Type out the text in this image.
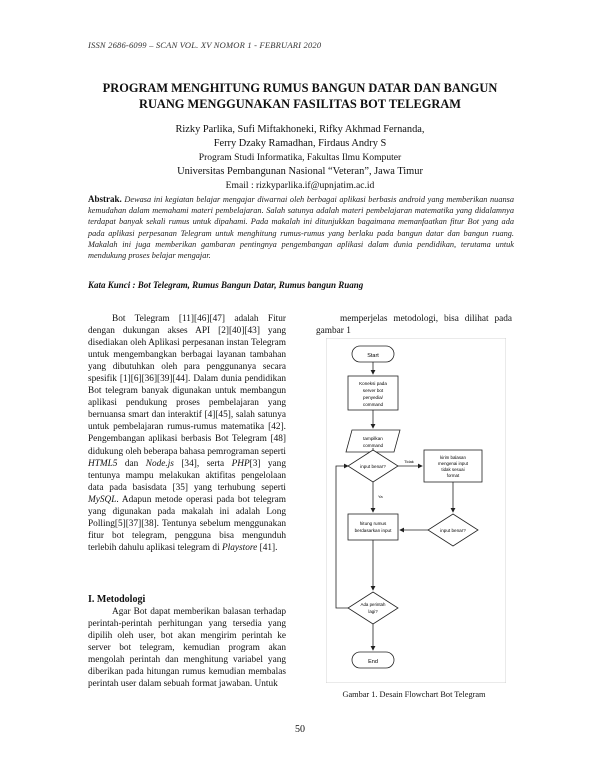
ISSN 2686-6099 – SCAN VOL. XV NOMOR 1 - FEBRUARI 2020
PROGRAM MENGHITUNG RUMUS BANGUN DATAR DAN BANGUN
RUANG MENGGUNAKAN FASILITAS BOT TELEGRAM
Rizky Parlika, Sufi Miftakhoneki, Rifky Akhmad Fernanda,
Ferry Dzaky Ramadhan, Firdaus Andry S
Program Studi Informatika, Fakultas Ilmu Komputer
Universitas Pembangunan Nasional “Veteran”, Jawa Timur
Email : rizkyparlika.if@upnjatim.ac.id
Abstrak. Dewasa ini kegiatan belajar mengajar diwarnai oleh berbagai aplikasi berbasis android yang memberikan nuansa kemudahan dalam memahami materi pembelajaran. Salah satunya adalah materi pembelajaran matematika yang didalamnya terdapat banyak sekali rumus untuk dipahami. Pada makalah ini ditunjukkan bagaimana memanfaatkan fitur Bot yang ada pada aplikasi perpesanan Telegram untuk menghitung rumus-rumus yang berlaku pada bangun datar dan bangun ruang. Makalah ini juga memberikan gambaran pentingnya pengembangan aplikasi dalam dunia pendidikan, terutama untuk mendukung proses belajar mengajar.
Kata Kunci : Bot Telegram, Rumus Bangun Datar, Rumus bangun Ruang

Bot Telegram [11][46][47] adalah Fitur dengan dukungan akses API [2][40][43] yang disediakan oleh Aplikasi perpesanan instan Telegram untuk mengembangkan berbagai layanan tambahan yang dibutuhkan oleh para penggunanya secara spesifik [1][6][36][39][44]. Dalam dunia pendidikan Bot telegram banyak digunakan untuk membangun aplikasi pendukung proses pembelajaran yang bernuansa smart dan interaktif [4][45], salah satunya untuk pembelajaran rumus-rumus matematika [42]. Pengembangan aplikasi berbasis Bot Telegram [48] didukung oleh beberapa bahasa pemrograman seperti HTML5 dan Node.js [34], serta PHP[3] yang tentunya mampu melakukan aktifitas pengelolaan data pada basisdata [35] yang terhubung seperti MySQL. Adapun metode operasi pada bot telegram yang digunakan pada makalah ini adalah Long Polling[5][37][38]. Tentunya sebelum menggunakan fitur bot telegram, pengguna bisa mengunduh terlebih dahulu aplikasi telegram di Playstore [41].

I. Metodologi

Agar Bot dapat memberikan balasan terhadap perintah-perintah perhitungan yang tersedia yang dipilih oleh user, bot akan mengirim perintah ke server bot telegram, kemudian program akan mengolah perintah dan menghitung variabel yang diberikan pada hitungan rumus kemudian membalas perintah user dalam sebuah format jawaban. Untuk

memperjelas metodologi, bisa dilihat pada gambar 1

Start
Koneksi pada
server bot
penyedia/
command
tampilkan
command
input benar?
Tidak
kirim balasan
mengenai input
tidak sesuai
format
input benar?
Ya
hitung rumus
berdasarkan input
Ada perintah
lagi?
End
Gambar 1. Desain Flowchart Bot Telegram
50
